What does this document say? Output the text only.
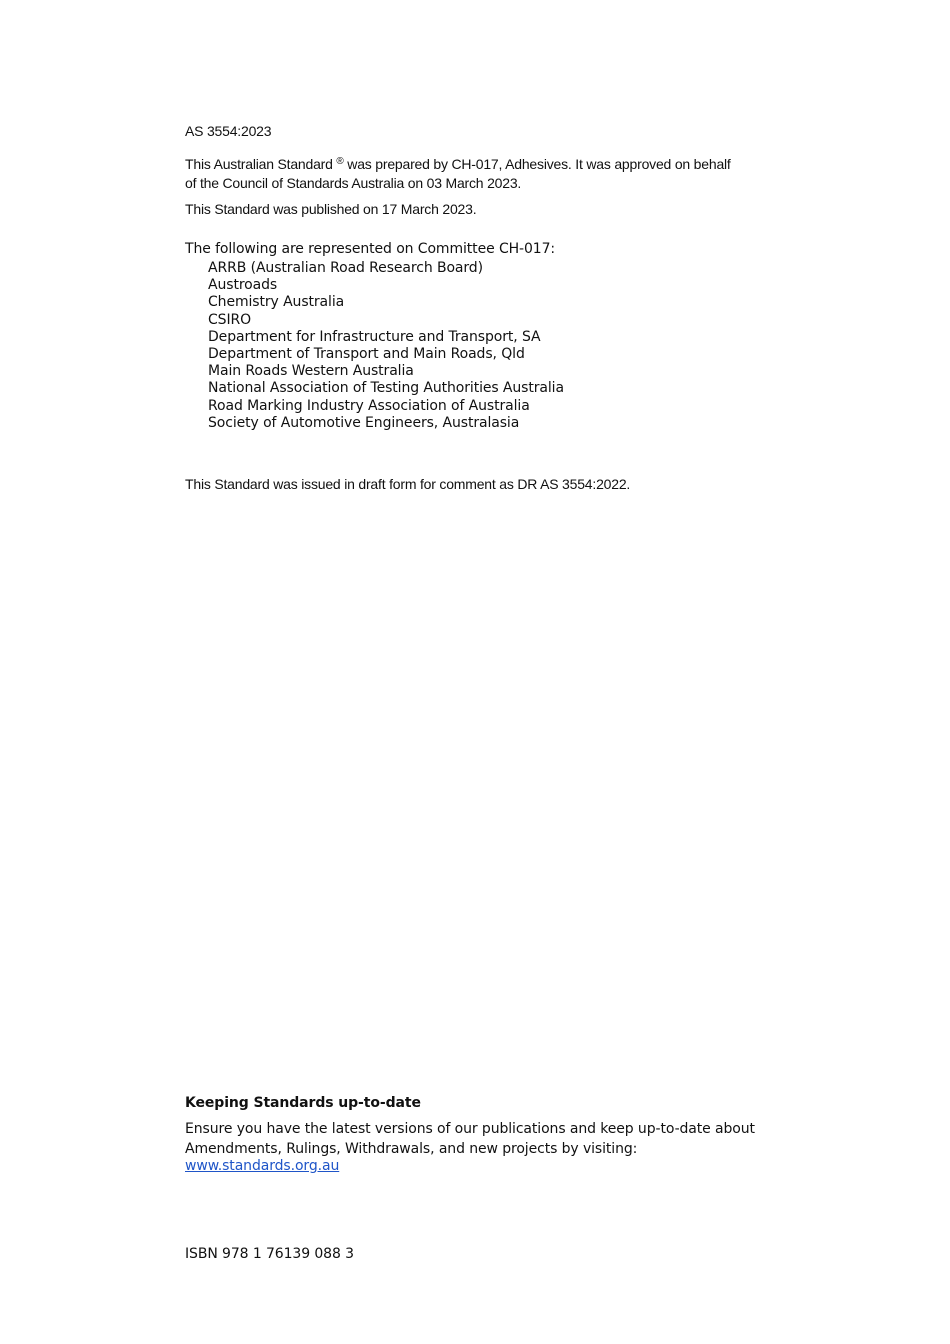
AS 3554:2023
This Australian Standard ® was prepared by CH-017, Adhesives. It was approved on behalf
of the Council of Standards Australia on 03 March 2023.
This Standard was published on 17 March 2023.
The following are represented on Committee CH-017:
ARRB (Australian Road Research Board)
Austroads
Chemistry Australia
CSIRO
Department for Infrastructure and Transport, SA
Department of Transport and Main Roads, Qld
Main Roads Western Australia
National Association of Testing Authorities Australia
Road Marking Industry Association of Australia
Society of Automotive Engineers, Australasia
This Standard was issued in draft form for comment as DR AS 3554:2022.
Keeping Standards up-to-date
Ensure you have the latest versions of our publications and keep up-to-date about
Amendments, Rulings, Withdrawals, and new projects by visiting:
www.standards.org.au
ISBN 978 1 76139 088 3
